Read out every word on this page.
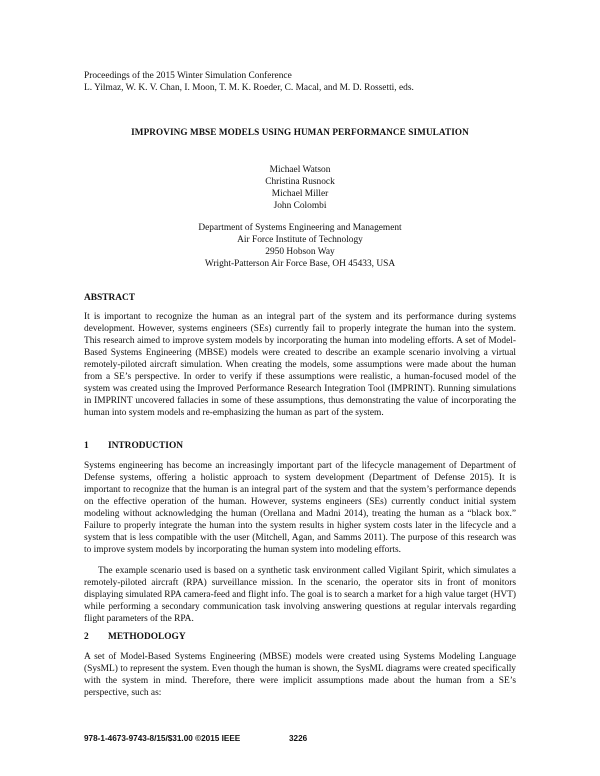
Proceedings of the 2015 Winter Simulation Conference
L. Yilmaz, W. K. V. Chan, I. Moon, T. M. K. Roeder, C. Macal, and M. D. Rossetti, eds.
IMPROVING MBSE MODELS USING HUMAN PERFORMANCE SIMULATION
Michael Watson
Christina Rusnock
Michael Miller
John Colombi
Department of Systems Engineering and Management
Air Force Institute of Technology
2950 Hobson Way
Wright-Patterson Air Force Base, OH 45433, USA
ABSTRACT

It is important to recognize the human as an integral part of the system and its performance during systems development. However, systems engineers (SEs) currently fail to properly integrate the human into the system. This research aimed to improve system models by incorporating the human into modeling efforts. A set of Model-Based Systems Engineering (MBSE) models were created to describe an example scenario involving a virtual remotely-piloted aircraft simulation. When creating the models, some assumptions were made about the human from a SE’s perspective. In order to verify if these assumptions were realistic, a human-focused model of the system was created using the Improved Performance Research Integration Tool (IMPRINT). Running simulations in IMPRINT uncovered fallacies in some of these assumptions, thus demonstrating the value of incorporating the human into system models and re-emphasizing the human as part of the system.

1 INTRODUCTION

Systems engineering has become an increasingly important part of the lifecycle management of Department of Defense systems, offering a holistic approach to system development (Department of Defense 2015). It is important to recognize that the human is an integral part of the system and that the system’s performance depends on the effective operation of the human. However, systems engineers (SEs) currently conduct initial system modeling without acknowledging the human (Orellana and Madni 2014), treating the human as a “black box.” Failure to properly integrate the human into the system results in higher system costs later in the lifecycle and a system that is less compatible with the user (Mitchell, Agan, and Samms 2011). The purpose of this research was to improve system models by incorporating the human system into modeling efforts.

The example scenario used is based on a synthetic task environment called Vigilant Spirit, which simulates a remotely-piloted aircraft (RPA) surveillance mission. In the scenario, the operator sits in front of monitors displaying simulated RPA camera-feed and flight info. The goal is to search a market for a high value target (HVT) while performing a secondary communication task involving answering questions at regular intervals regarding flight parameters of the RPA.

2 METHODOLOGY

A set of Model-Based Systems Engineering (MBSE) models were created using Systems Modeling Language (SysML) to represent the system. Even though the human is shown, the SysML diagrams were created specifically with the system in mind. Therefore, there were implicit assumptions made about the human from a SE’s perspective, such as:

978-1-4673-9743-8/15/$31.00 ©2015 IEEE	3226
